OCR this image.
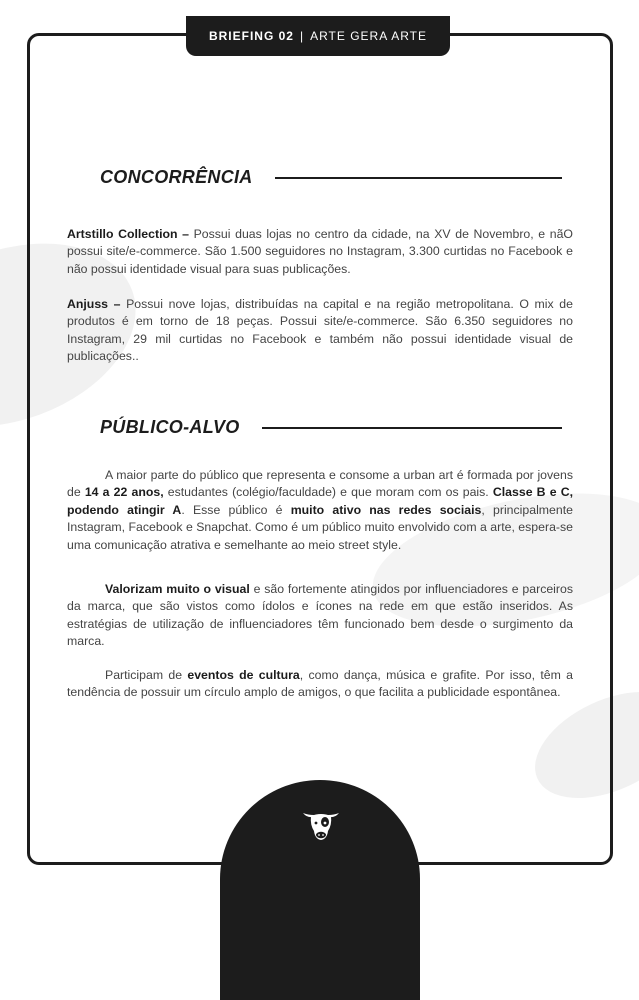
BRIEFING 02 | ARTE GERA ARTE
CONCORRÊNCIA

Artstillo Collection – Possui duas lojas no centro da cidade, na XV de Novembro, e nãO possui site/e-commerce. São 1.500 seguidores no Instagram, 3.300 curtidas no Facebook e não possui identidade visual para suas publicações.

Anjuss – Possui nove lojas, distribuídas na capital e na região metropolitana. O mix de produtos é em torno de 18 peças. Possui site/e-commerce. São 6.350 seguidores no Instagram, 29 mil curtidas no Facebook e também não possui identidade visual de publicações..

PÚBLICO-ALVO

A maior parte do público que representa e consome a urban art é formada por jovens de 14 a 22 anos, estudantes (colégio/faculdade) e que moram com os pais. Classe B e C, podendo atingir A. Esse público é muito ativo nas redes sociais, principalmente Instagram, Facebook e Snapchat. Como é um público muito envolvido com a arte, espera-se uma comunicação atrativa e semelhante ao meio street style.

Valorizam muito o visual e são fortemente atingidos por influenciadores e parceiros da marca, que são vistos como ídolos e ícones na rede em que estão inseridos. As estratégias de utilização de influenciadores têm funcionado bem desde o surgimento da marca.

Participam de eventos de cultura, como dança, música e grafite. Por isso, têm a tendência de possuir um círculo amplo de amigos, o que facilita a publicidade espontânea.
